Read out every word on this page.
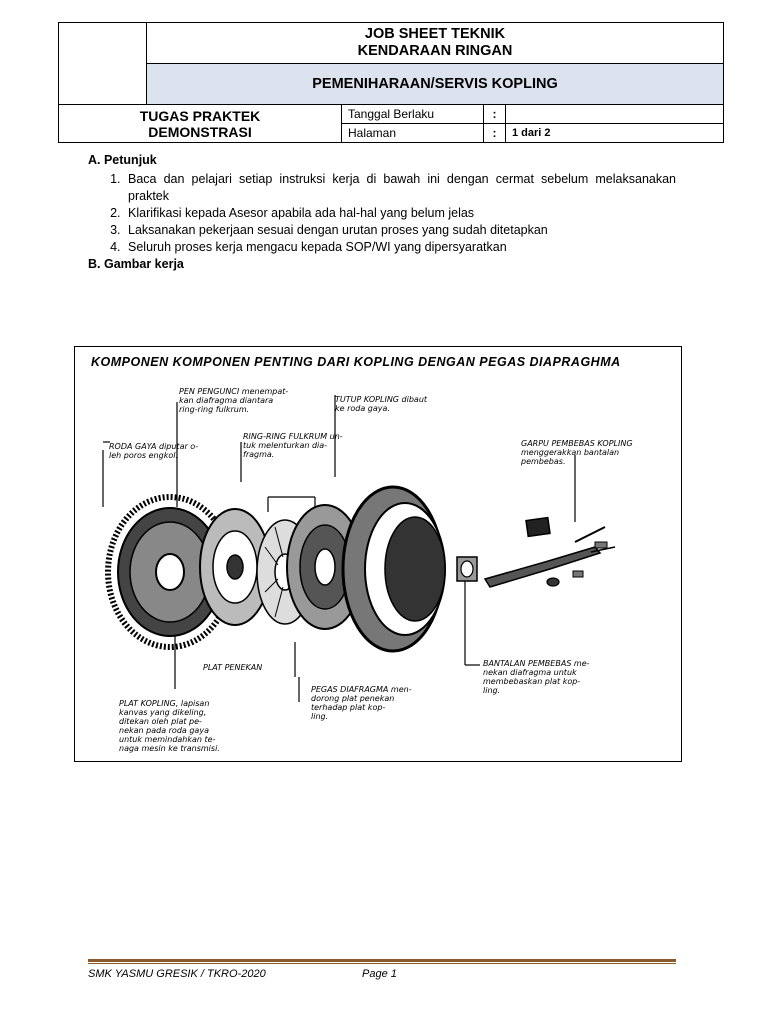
	JOB SHEET TEKNIK
KENDARAAN RINGAN			

	PEMENIHARAAN/SERVIS KOPLING			

TUGAS PRAKTEK
DEMONSTRASI		Tanggal Berlaku	:	
		Halaman	:	1 dari 2
A. Petunjuk
1. Baca dan pelajari setiap instruksi kerja di bawah ini dengan cermat sebelum melaksanakan praktek
2. Klarifikasi kepada Asesor apabila ada hal-hal yang belum jelas
3. Laksanakan pekerjaan sesuai dengan urutan proses yang sudah ditetapkan
4. Seluruh proses kerja mengacu kepada SOP/WI yang dipersyaratkan
B. Gambar kerja
KOMPONEN KOMPONEN PENTING DARI KOPLING DENGAN PEGAS DIAPRAGHMA
PEN PENGUNCI menempat-
kan diafragma diantara
ring-ring fulkrum.
TUTUP KOPLING dibaut
ke roda gaya.
RODA GAYA diputar o-
leh poros engkol.
RING-RING FULKRUM un-
tuk melenturkan dia-
fragma.
GARPU PEMBEBAS KOPLING
menggerakkan bantalan
pembebas.
PLAT PENEKAN	BANTALAN PEMBEBAS me-
nekan diafragma untuk
membebaskan plat kop-
ling.
PLAT KOPLING, lapisan
kanvas yang dikeling,
ditekan oleh plat pe-
nekan pada roda gaya
untuk memindahkan te-
naga mesin ke transmisi.
PEGAS DIAFRAGMA men-
dorong plat penekan
terhadap plat kop-
ling.
SMK YASMU GRESIK / TKRO-2020	Page 1
